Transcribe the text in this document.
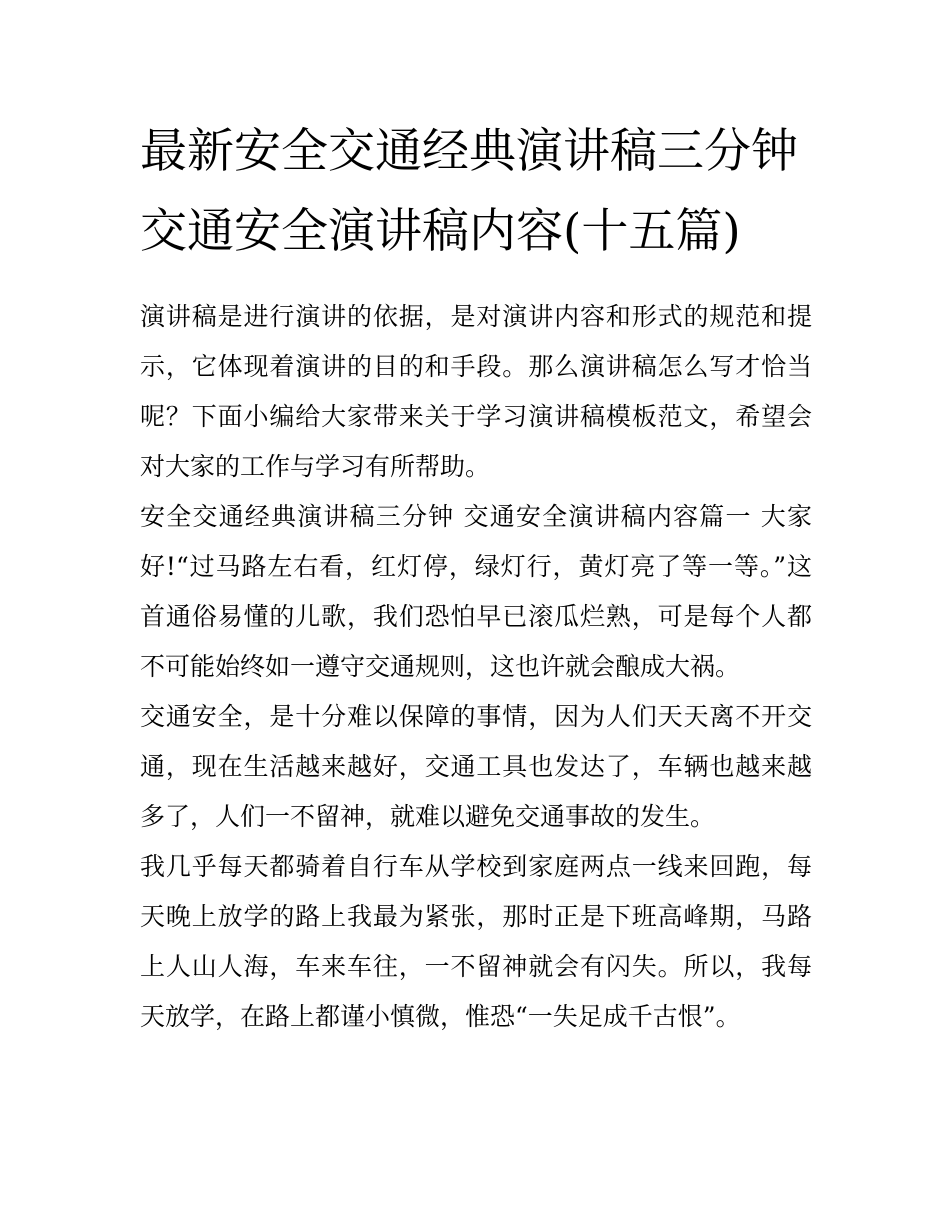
最新安全交通经典演讲稿三分钟 交通安全演讲稿内容(十五篇)

演讲稿是进行演讲的依据，是对演讲内容和形式的规范和提示，它体现着演讲的目的和手段。那么演讲稿怎么写才恰当呢？下面小编给大家带来关于学习演讲稿模板范文，希望会对大家的工作与学习有所帮助。

安全交通经典演讲稿三分钟 交通安全演讲稿内容篇一 大家好!“过马路左右看，红灯停，绿灯行，黄灯亮了等一等。”这首通俗易懂的儿歌，我们恐怕早已滚瓜烂熟，可是每个人都不可能始终如一遵守交通规则，这也许就会酿成大祸。

交通安全，是十分难以保障的事情，因为人们天天离不开交通，现在生活越来越好，交通工具也发达了，车辆也越来越多了，人们一不留神，就难以避免交通事故的发生。

我几乎每天都骑着自行车从学校到家庭两点一线来回跑，每天晚上放学的路上我最为紧张，那时正是下班高峰期，马路上人山人海，车来车往，一不留神就会有闪失。所以，我每天放学，在路上都谨小慎微，惟恐“一失足成千古恨”。
